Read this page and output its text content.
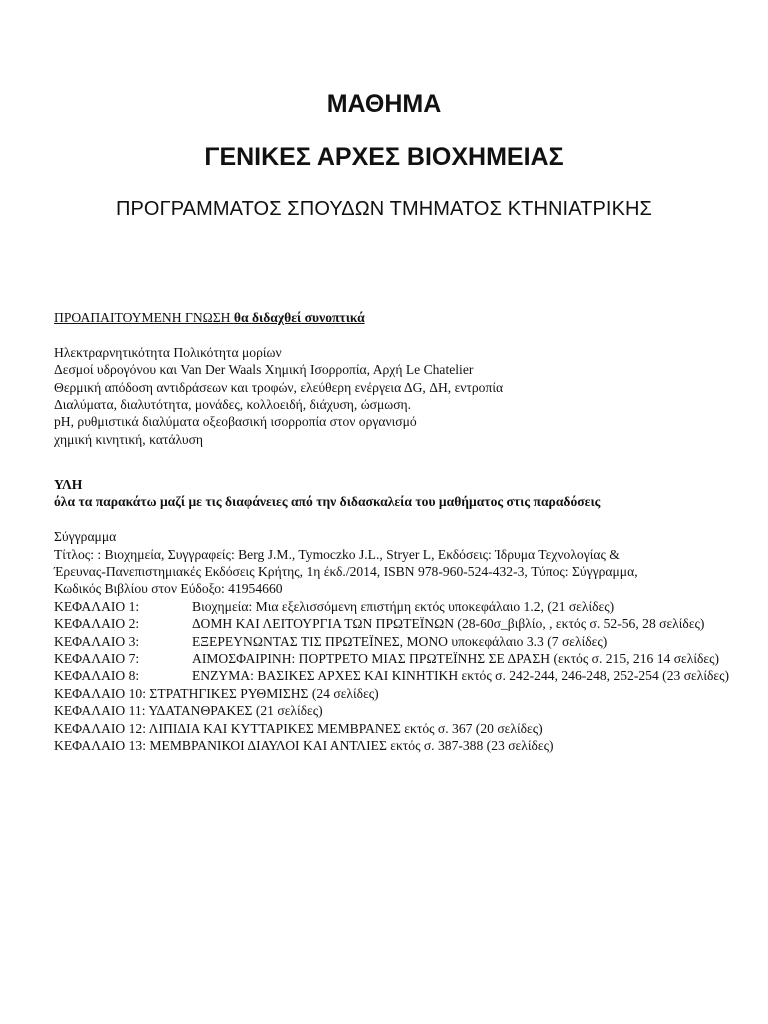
ΜΑΘΗΜΑ
ΓΕΝΙΚΕΣ ΑΡΧΕΣ ΒΙΟΧΗΜΕΙΑΣ
ΠΡΟΓΡΑΜΜΑΤΟΣ ΣΠΟΥΔΩΝ ΤΜΗΜΑΤΟΣ ΚΤΗΝΙΑΤΡΙΚΗΣ
ΠΡΟΑΠΑΙΤΟΥΜΕΝΗ ΓΝΩΣΗ θα διδαχθεί συνοπτικά
Ηλεκτραρνητικότητα Πολικότητα μορίων
Δεσμοί υδρογόνου και Van Der Waals Χημική Ισορροπία, Αρχή Le Chatelier
Θερμική απόδοση αντιδράσεων και τροφών, ελεύθερη ενέργεια ΔG, ΔH, εντροπία
Διαλύματα, διαλυτότητα, μονάδες, κολλοειδή, διάχυση, ώσμωση.
pH, ρυθμιστικά διαλύματα οξεοβασική ισορροπία στον οργανισμό
χημική κινητική, κατάλυση
ΥΛΗ
όλα τα παρακάτω μαζί με τις διαφάνειες από την διδασκαλεία του μαθήματος στις παραδόσεις
Σύγγραμμα
Τίτλος: : Βιοχημεία, Συγγραφείς: Berg J.M., Tymoczko J.L., Stryer L, Εκδόσεις: Ίδρυμα Τεχνολογίας &
Έρευνας-Πανεπιστημιακές Εκδόσεις Κρήτης, 1η έκδ./2014, ISBN 978-960-524-432-3, Τύπος: Σύγγραμμα,
Κωδικός Βιβλίου στον Εύδοξο: 41954660
ΚΕΦΑΛΑΙΟ 1:	Βιοχημεία: Μια εξελισσόμενη επιστήμη εκτός υποκεφάλαιο 1.2, (21 σελίδες)
ΚΕΦΑΛΑΙΟ 2:	ΔΟΜΗ ΚΑΙ ΛΕΙΤΟΥΡΓΙΑ ΤΩΝ ΠΡΩΤΕΪΝΩΝ (28-60σ_βιβλίο, , εκτός σ. 52-56, 28 σελίδες)
ΚΕΦΑΛΑΙΟ 3:	ΕΞΕΡΕΥΝΩΝΤΑΣ ΤΙΣ ΠΡΩΤΕΪΝΕΣ, ΜΟΝΟ υποκεφάλαιο 3.3 (7 σελίδες)
ΚΕΦΑΛΑΙΟ 7:	ΑΙΜΟΣΦΑΙΡΙΝΗ: ΠΟΡΤΡΕΤΟ ΜΙΑΣ ΠΡΩΤΕΪΝΗΣ ΣΕ ΔΡΑΣΗ (εκτός σ. 215, 216 14 σελίδες)
ΚΕΦΑΛΑΙΟ 8:	ΕΝΖΥΜΑ: ΒΑΣΙΚΕΣ ΑΡΧΕΣ ΚΑΙ ΚΙΝΗΤΙΚΗ εκτός σ. 242-244, 246-248, 252-254 (23 σελίδες)
ΚΕΦΑΛΑΙΟ 10: ΣΤΡΑΤΗΓΙΚΕΣ ΡΥΘΜΙΣΗΣ (24 σελίδες)
ΚΕΦΑΛΑΙΟ 11: ΥΔΑΤΑΝΘΡΑΚΕΣ (21 σελίδες)
ΚΕΦΑΛΑΙΟ 12: ΛΙΠΙΔΙΑ ΚΑΙ ΚΥΤΤΑΡΙΚΕΣ ΜΕΜΒΡΑΝΕΣ εκτός σ. 367 (20 σελίδες)
ΚΕΦΑΛΑΙΟ 13: ΜΕΜΒΡΑΝΙΚΟΙ ΔΙΑΥΛΟΙ ΚΑΙ ΑΝΤΛΙΕΣ εκτός σ. 387-388 (23 σελίδες)
